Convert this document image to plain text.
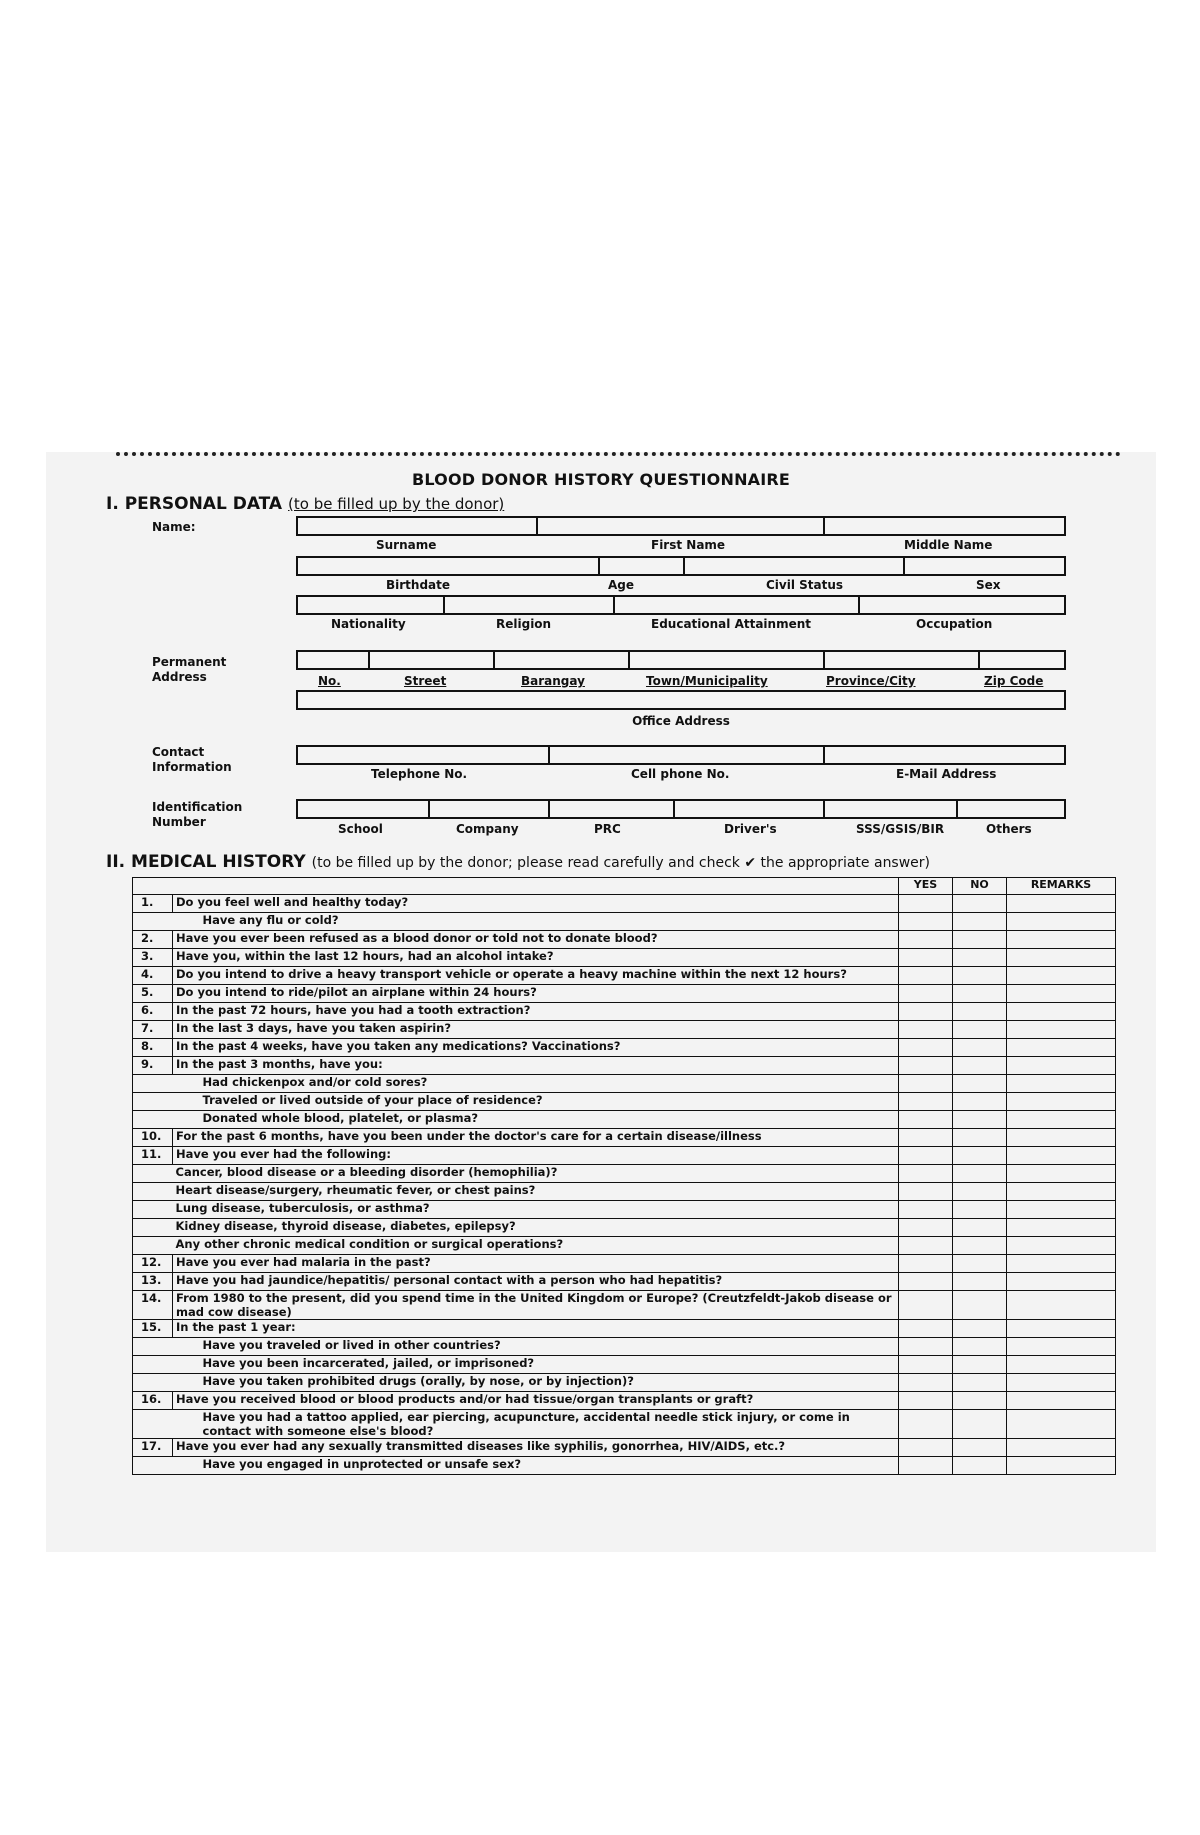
BLOOD DONOR HISTORY QUESTIONNAIRE
I. PERSONAL DATA (to be filled up by the donor)
Name:
Surname	First Name	Middle Name
Birthdate	Age	Civil Status	Sex
Nationality	Religion	Educational Attainment	Occupation
Permanent
Address	No.	Street	Barangay	Town/Municipality	Province/City	Zip Code
Office Address
Contact
Information	Telephone No.	Cell phone No.	E-Mail Address
Identification
Number	School	Company	PRC	Driver's	SSS/GSIS/BIR	Others
II. MEDICAL HISTORY (to be filled up by the donor; please read carefully and check ✔ the appropriate answer)
		YES	NO	REMARKS
1.	Do you feel well and healthy today?			
	Have any flu or cold?			
2.	Have you ever been refused as a blood donor or told not to donate blood?			
3.	Have you, within the last 12 hours, had an alcohol intake?			
4.	Do you intend to drive a heavy transport vehicle or operate a heavy machine within the next 12 hours?			
5.	Do you intend to ride/pilot an airplane within 24 hours?			
6.	In the past 72 hours, have you had a tooth extraction?			
7.	In the last 3 days, have you taken aspirin?			
8.	In the past 4 weeks, have you taken any medications? Vaccinations?			
9.	In the past 3 months, have you:			
	Had chickenpox and/or cold sores?			
	Traveled or lived outside of your place of residence?			
	Donated whole blood, platelet, or plasma?			
10.	For the past 6 months, have you been under the doctor's care for a certain disease/illness			
11.	Have you ever had the following:			
	Cancer, blood disease or a bleeding disorder (hemophilia)?			
	Heart disease/surgery, rheumatic fever, or chest pains?			
	Lung disease, tuberculosis, or asthma?			
	Kidney disease, thyroid disease, diabetes, epilepsy?			
	Any other chronic medical condition or surgical operations?			
12.	Have you ever had malaria in the past?			
13.	Have you had jaundice/hepatitis/ personal contact with a person who had hepatitis?			
14.	From 1980 to the present, did you spend time in the United Kingdom or Europe? (Creutzfeldt-Jakob disease or mad cow disease)			
15.	In the past 1 year:			
	Have you traveled or lived in other countries?			
	Have you been incarcerated, jailed, or imprisoned?			
	Have you taken prohibited drugs (orally, by nose, or by injection)?			
16.	Have you received blood or blood products and/or had tissue/organ transplants or graft?			
	Have you had a tattoo applied, ear piercing, acupuncture, accidental needle stick injury, or come in contact with someone else's blood?			
17.	Have you ever had any sexually transmitted diseases like syphilis, gonorrhea, HIV/AIDS, etc.?			
	Have you engaged in unprotected or unsafe sex?			
